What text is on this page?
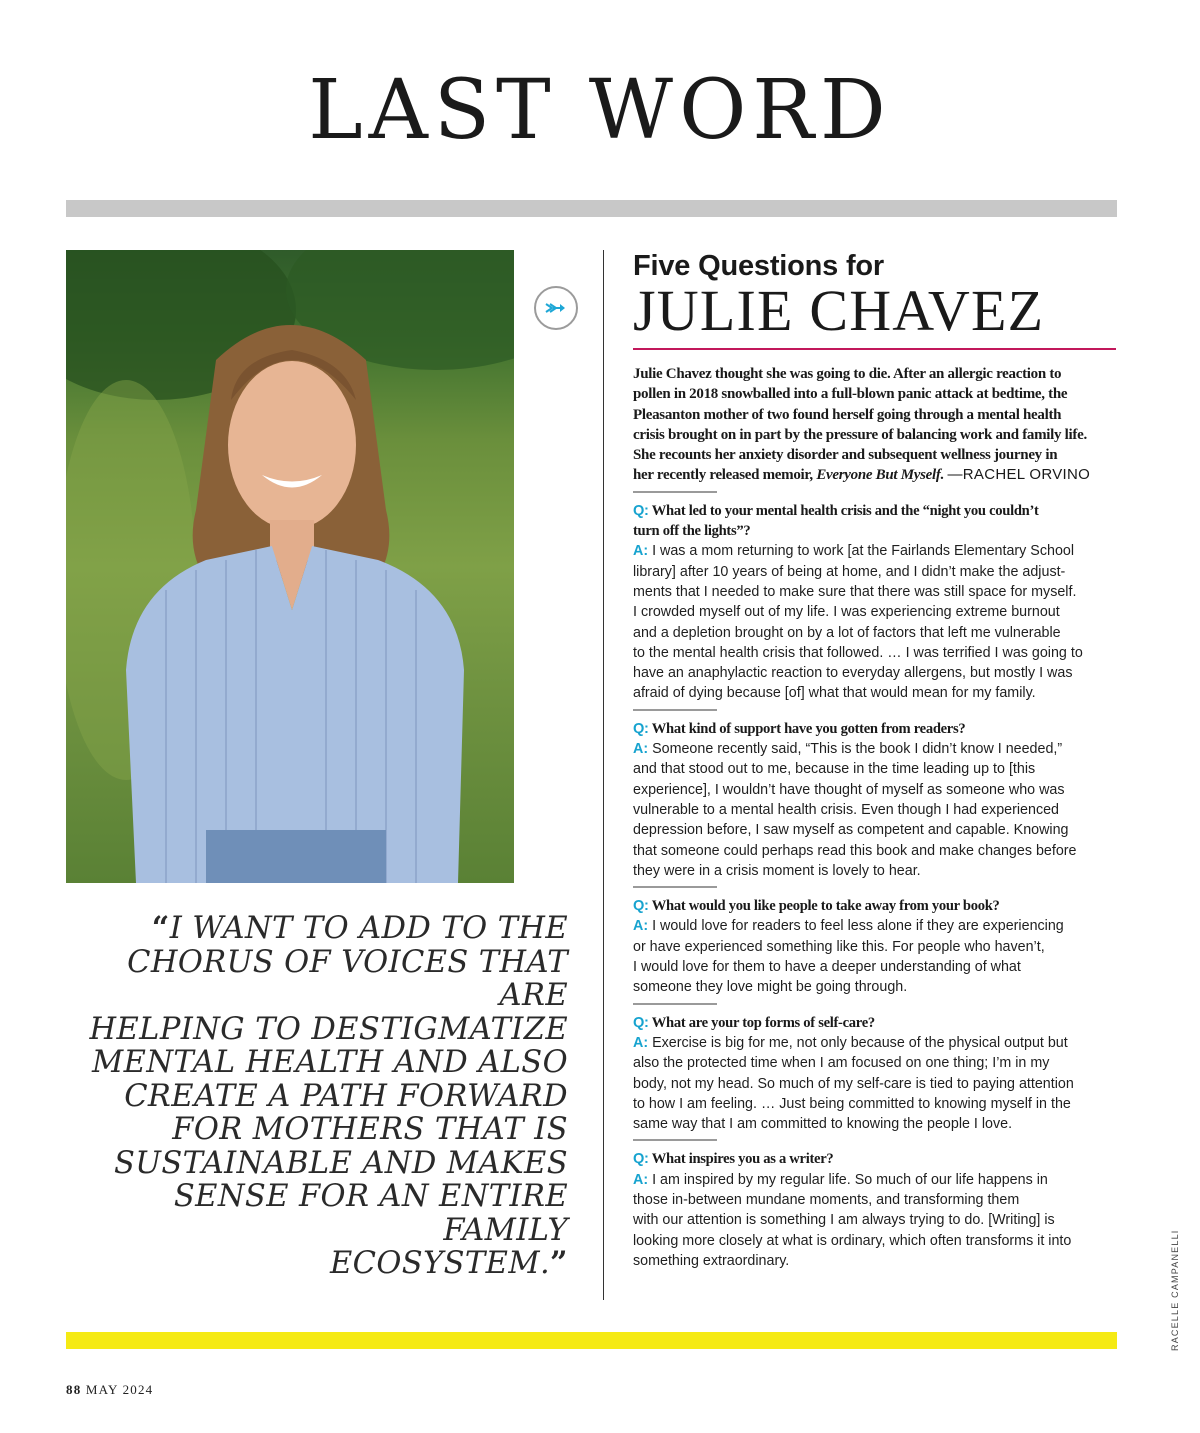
LAST WORD

“I WANT TO ADD TO THE
CHORUS OF VOICES THAT ARE
HELPING TO DESTIGMATIZE
MENTAL HEALTH AND ALSO
CREATE A PATH FORWARD
FOR MOTHERS THAT IS
SUSTAINABLE AND MAKES
SENSE FOR AN ENTIRE FAMILY
ECOSYSTEM.”

Five Questions for

JULIE CHAVEZ
Julie Chavez thought she was going to die. After an allergic reaction to
pollen in 2018 snowballed into a full-blown panic attack at bedtime, the
Pleasanton mother of two found herself going through a mental health
crisis brought on in part by the pressure of balancing work and family life.
She recounts her anxiety disorder and subsequent wellness journey in
her recently released memoir, Everyone But Myself. —RACHEL ORVINO
Q: What led to your mental health crisis and the “night you couldn’t
turn off the lights”?
A: I was a mom returning to work [at the Fairlands Elementary School
library] after 10 years of being at home, and I didn’t make the adjust-
ments that I needed to make sure that there was still space for myself.
I crowded myself out of my life. I was experiencing extreme burnout
and a depletion brought on by a lot of factors that left me vulnerable
to the mental health crisis that followed. … I was terrified I was going to
have an anaphylactic reaction to everyday allergens, but mostly I was
afraid of dying because [of] what that would mean for my family.
Q: What kind of support have you gotten from readers?
A: Someone recently said, “This is the book I didn’t know I needed,”
and that stood out to me, because in the time leading up to [this
experience], I wouldn’t have thought of myself as someone who was
vulnerable to a mental health crisis. Even though I had experienced
depression before, I saw myself as competent and capable. Knowing
that someone could perhaps read this book and make changes before
they were in a crisis moment is lovely to hear.
Q: What would you like people to take away from your book?
A: I would love for readers to feel less alone if they are experiencing
or have experienced something like this. For people who haven’t,
I would love for them to have a deeper understanding of what
someone they love might be going through.
Q: What are your top forms of self-care?
A: Exercise is big for me, not only because of the physical output but
also the protected time when I am focused on one thing; I’m in my
body, not my head. So much of my self-care is tied to paying attention
to how I am feeling. … Just being committed to knowing myself in the
same way that I am committed to knowing the people I love.
Q: What inspires you as a writer?
A: I am inspired by my regular life. So much of our life happens in
those in-between mundane moments, and transforming them
with our attention is something I am always trying to do. [Writing] is
looking more closely at what is ordinary, which often transforms it into
something extraordinary.	RACELLE CAMPANELLI
88 MAY 2024
